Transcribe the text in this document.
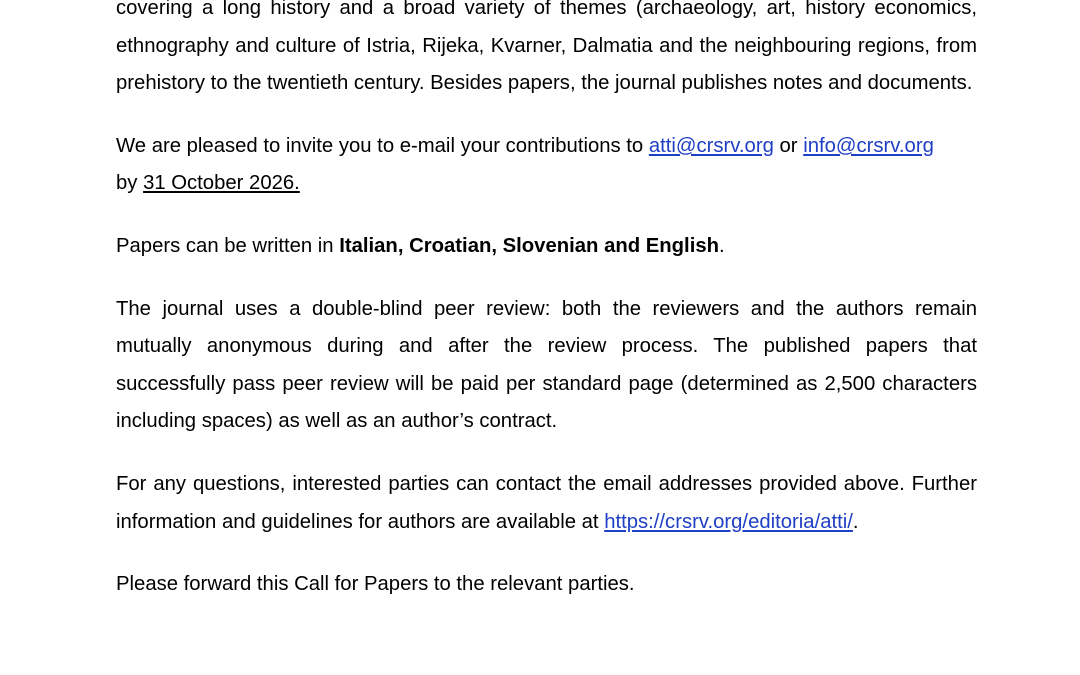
covering a long history and a broad variety of themes (archaeology, art, history economics, ethnography and culture of Istria, Rijeka, Kvarner, Dalmatia and the neighbouring regions, from prehistory to the twentieth century. Besides papers, the journal publishes notes and documents.

We are pleased to invite you to e-mail your contributions to atti@crsrv.org or info@crsrv.org
by 31 October 2026.

Papers can be written in Italian, Croatian, Slovenian and English.

The journal uses a double-blind peer review: both the reviewers and the authors remain mutually anonymous during and after the review process. The published papers that successfully pass peer review will be paid per standard page (determined as 2,500 characters including spaces) as well as an author’s contract.

For any questions, interested parties can contact the email addresses provided above. Further information and guidelines for authors are available at https://crsrv.org/editoria/atti/.

Please forward this Call for Papers to the relevant parties.
